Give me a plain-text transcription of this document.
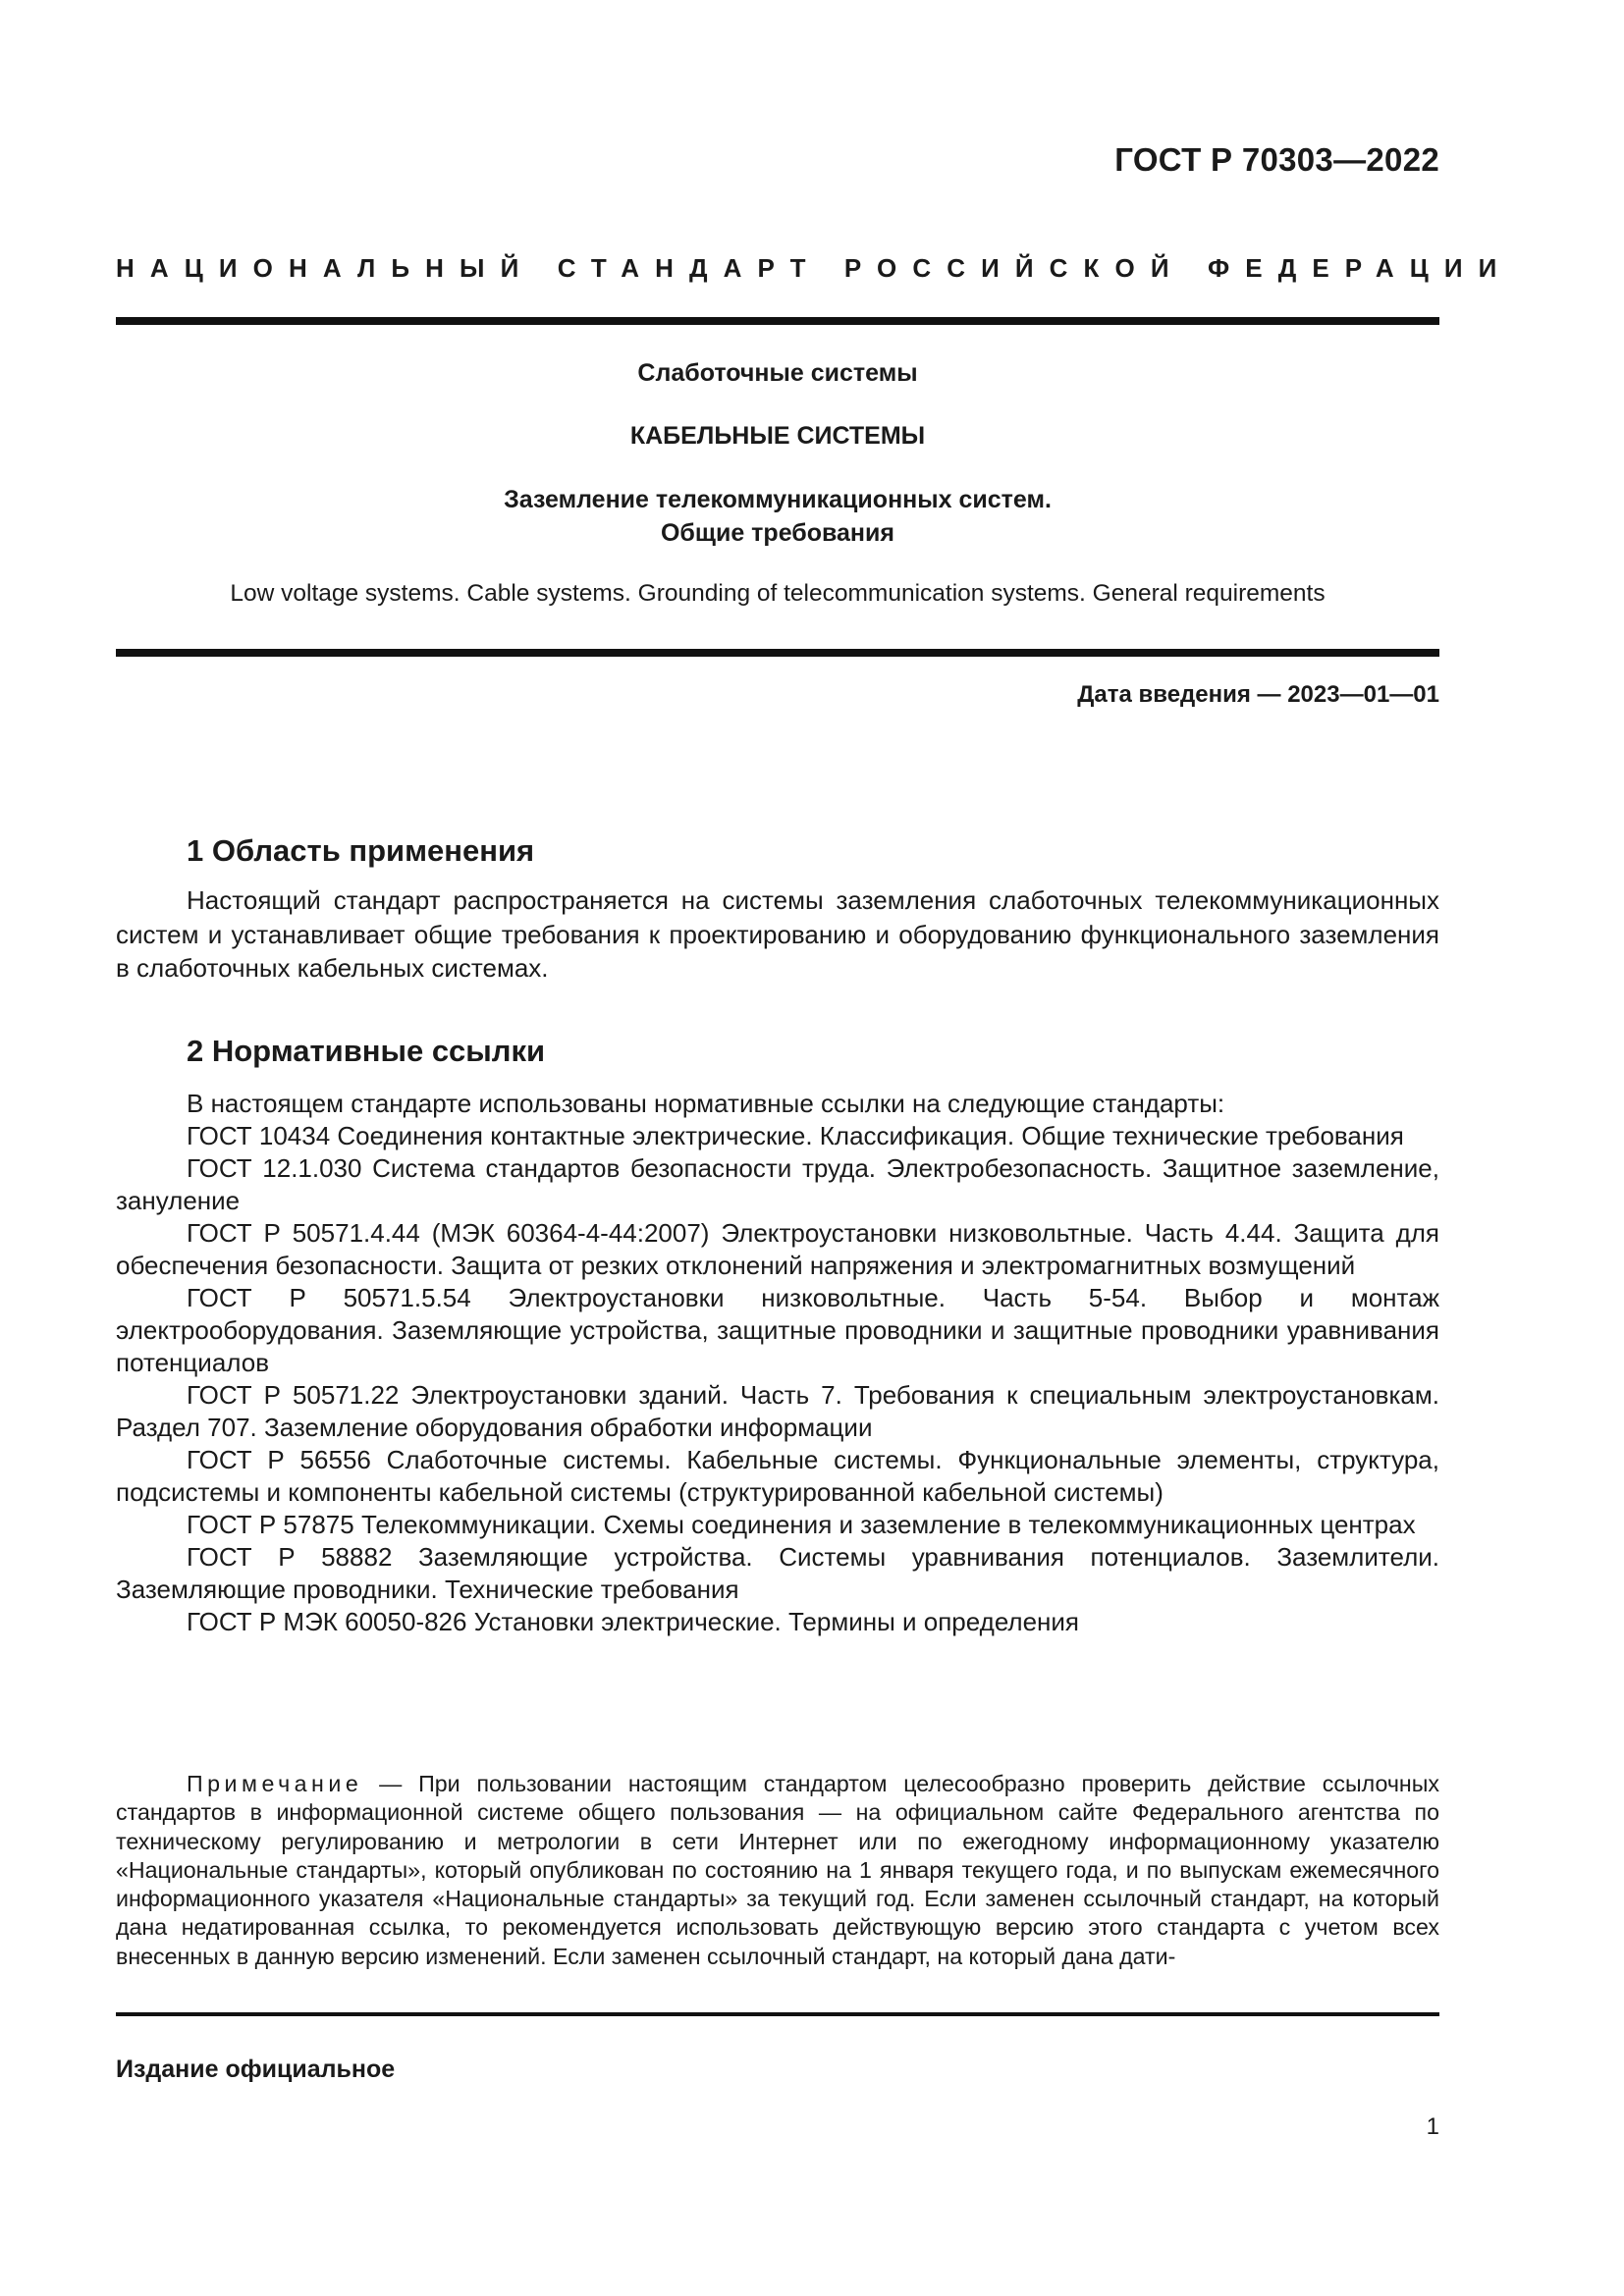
ГОСТ Р 70303—2022
НАЦИОНАЛЬНЫЙ СТАНДАРТ РОССИЙСКОЙ ФЕДЕРАЦИИ
Слаботочные системы
КАБЕЛЬНЫЕ СИСТЕМЫ
Заземление телекоммуникационных систем.
Общие требования
Low voltage systems. Cable systems. Grounding of telecommunication systems. General requirements
Дата введения — 2023—01—01
1 Область применения

Настоящий стандарт распространяется на системы заземления слаботочных телекоммуникационных систем и устанавливает общие требования к проектированию и оборудованию функционального заземления в слаботочных кабельных системах.

2 Нормативные ссылки

В настоящем стандарте использованы нормативные ссылки на следующие стандарты:

ГОСТ 10434 Соединения контактные электрические. Классификация. Общие технические требования

ГОСТ 12.1.030 Система стандартов безопасности труда. Электробезопасность. Защитное заземление, зануление

ГОСТ Р 50571.4.44 (МЭК 60364-4-44:2007) Электроустановки низковольтные. Часть 4.44. Защита для обеспечения безопасности. Защита от резких отклонений напряжения и электромагнитных возмущений

ГОСТ Р 50571.5.54 Электроустановки низковольтные. Часть 5-54. Выбор и монтаж электрооборудования. Заземляющие устройства, защитные проводники и защитные проводники уравнивания потенциалов

ГОСТ Р 50571.22 Электроустановки зданий. Часть 7. Требования к специальным электроустановкам. Раздел 707. Заземление оборудования обработки информации

ГОСТ Р 56556 Слаботочные системы. Кабельные системы. Функциональные элементы, структура, подсистемы и компоненты кабельной системы (структурированной кабельной системы)

ГОСТ Р 57875 Телекоммуникации. Схемы соединения и заземление в телекоммуникационных центрах

ГОСТ Р 58882 Заземляющие устройства. Системы уравнивания потенциалов. Заземлители. Заземляющие проводники. Технические требования

ГОСТ Р МЭК 60050-826 Установки электрические. Термины и определения

Примечание — При пользовании настоящим стандартом целесообразно проверить действие ссылочных стандартов в информационной системе общего пользования — на официальном сайте Федерального агентства по техническому регулированию и метрологии в сети Интернет или по ежегодному информационному указателю «Национальные стандарты», который опубликован по состоянию на 1 января текущего года, и по выпускам ежемесячного информационного указателя «Национальные стандарты» за текущий год. Если заменен ссылочный стандарт, на который дана недатированная ссылка, то рекомендуется использовать действующую версию этого стандарта с учетом всех внесенных в данную версию изменений. Если заменен ссылочный стандарт, на который дана дати-

Издание официальное
1
